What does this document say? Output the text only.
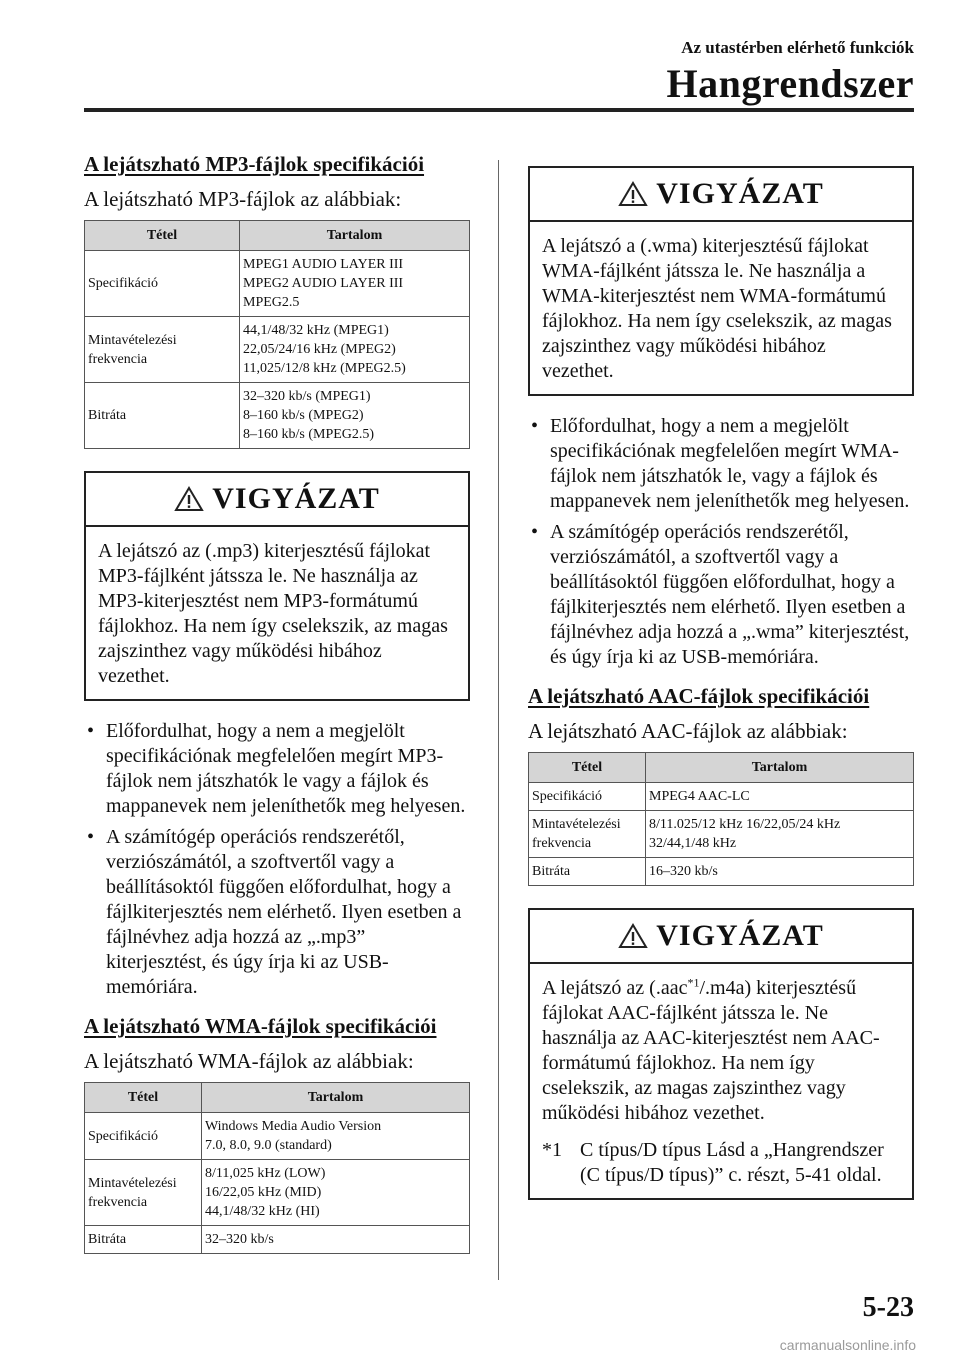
Az utastérben elérhető funkciók
Hangrendszer
A lejátszható MP3-fájlok specifikációi

A lejátszható MP3-fájlok az alábbiak:

Tétel	Tartalom
Specifikáció	MPEG1 AUDIO LAYER III
MPEG2 AUDIO LAYER III
MPEG2.5
Mintavételezési frekvencia	44,1/48/32 kHz (MPEG1)
22,05/24/16 kHz (MPEG2)
11,025/12/8 kHz (MPEG2.5)
Bitráta	32–320 kb/s (MPEG1)
8–160 kb/s (MPEG2)
8–160 kb/s (MPEG2.5)
VIGYÁZAT
A lejátszó az (.mp3) kiterjesztésű fájlokat MP3-fájlként játssza le. Ne használja az MP3-kiterjesztést nem MP3-formátumú fájlokhoz. Ha nem így cselekszik, az magas zajszinthez vagy működési hibához vezethet.
• Előfordulhat, hogy a nem a megjelölt specifikációnak megfelelően megírt MP3-fájlok nem játszhatók le vagy a fájlok és mappanevek nem jeleníthetők meg helyesen.
• A számítógép operációs rendszerétől, verziószámától, a szoftvertől vagy a beállításoktól függően előfordulhat, hogy a fájlkiterjesztés nem elérhető. Ilyen esetben a fájlnévhez adja hozzá az „.mp3” kiterjesztést, és úgy írja ki az USB-memóriára.
A lejátszható WMA-fájlok specifikációi

A lejátszható WMA-fájlok az alábbiak:

Tétel	Tartalom
Specifikáció	Windows Media Audio Version
7.0, 8.0, 9.0 (standard)
Mintavételezési frekvencia	8/11,025 kHz (LOW)
16/22,05 kHz (MID)
44,1/48/32 kHz (HI)
Bitráta	32–320 kb/s
VIGYÁZAT
A lejátszó a (.wma) kiterjesztésű fájlokat WMA-fájlként játssza le. Ne használja a WMA-kiterjesztést nem WMA-formátumú fájlokhoz. Ha nem így cselekszik, az magas zajszinthez vagy működési hibához vezethet.
• Előfordulhat, hogy a nem a megjelölt specifikációnak megfelelően megírt WMA-fájlok nem játszhatók le, vagy a fájlok és mappanevek nem jeleníthetők meg helyesen.
• A számítógép operációs rendszerétől, verziószámától, a szoftvertől vagy a beállításoktól függően előfordulhat, hogy a fájlkiterjesztés nem elérhető. Ilyen esetben a fájlnévhez adja hozzá a „.wma” kiterjesztést, és úgy írja ki az USB-memóriára.
A lejátszható AAC-fájlok specifikációi

A lejátszható AAC-fájlok az alábbiak:

Tétel	Tartalom
Specifikáció	MPEG4 AAC-LC
Mintavételezési frekvencia	8/11.025/12 kHz 16/22,05/24 kHz
32/44,1/48 kHz
Bitráta	16–320 kb/s
VIGYÁZAT
A lejátszó az (.aac$^{*1}$/.m4a) kiterjesztésű fájlokat AAC-fájlként játssza le. Ne használja az AAC-kiterjesztést nem AAC-formátumú fájlokhoz. Ha nem így cselekszik, az magas zajszinthez vagy működési hibához vezethet.
*1 C típus/D típus Lásd a „Hangrendszer (C típus/D típus)” c. részt, 5-41 oldal.
5-23
carmanualsonline.info
